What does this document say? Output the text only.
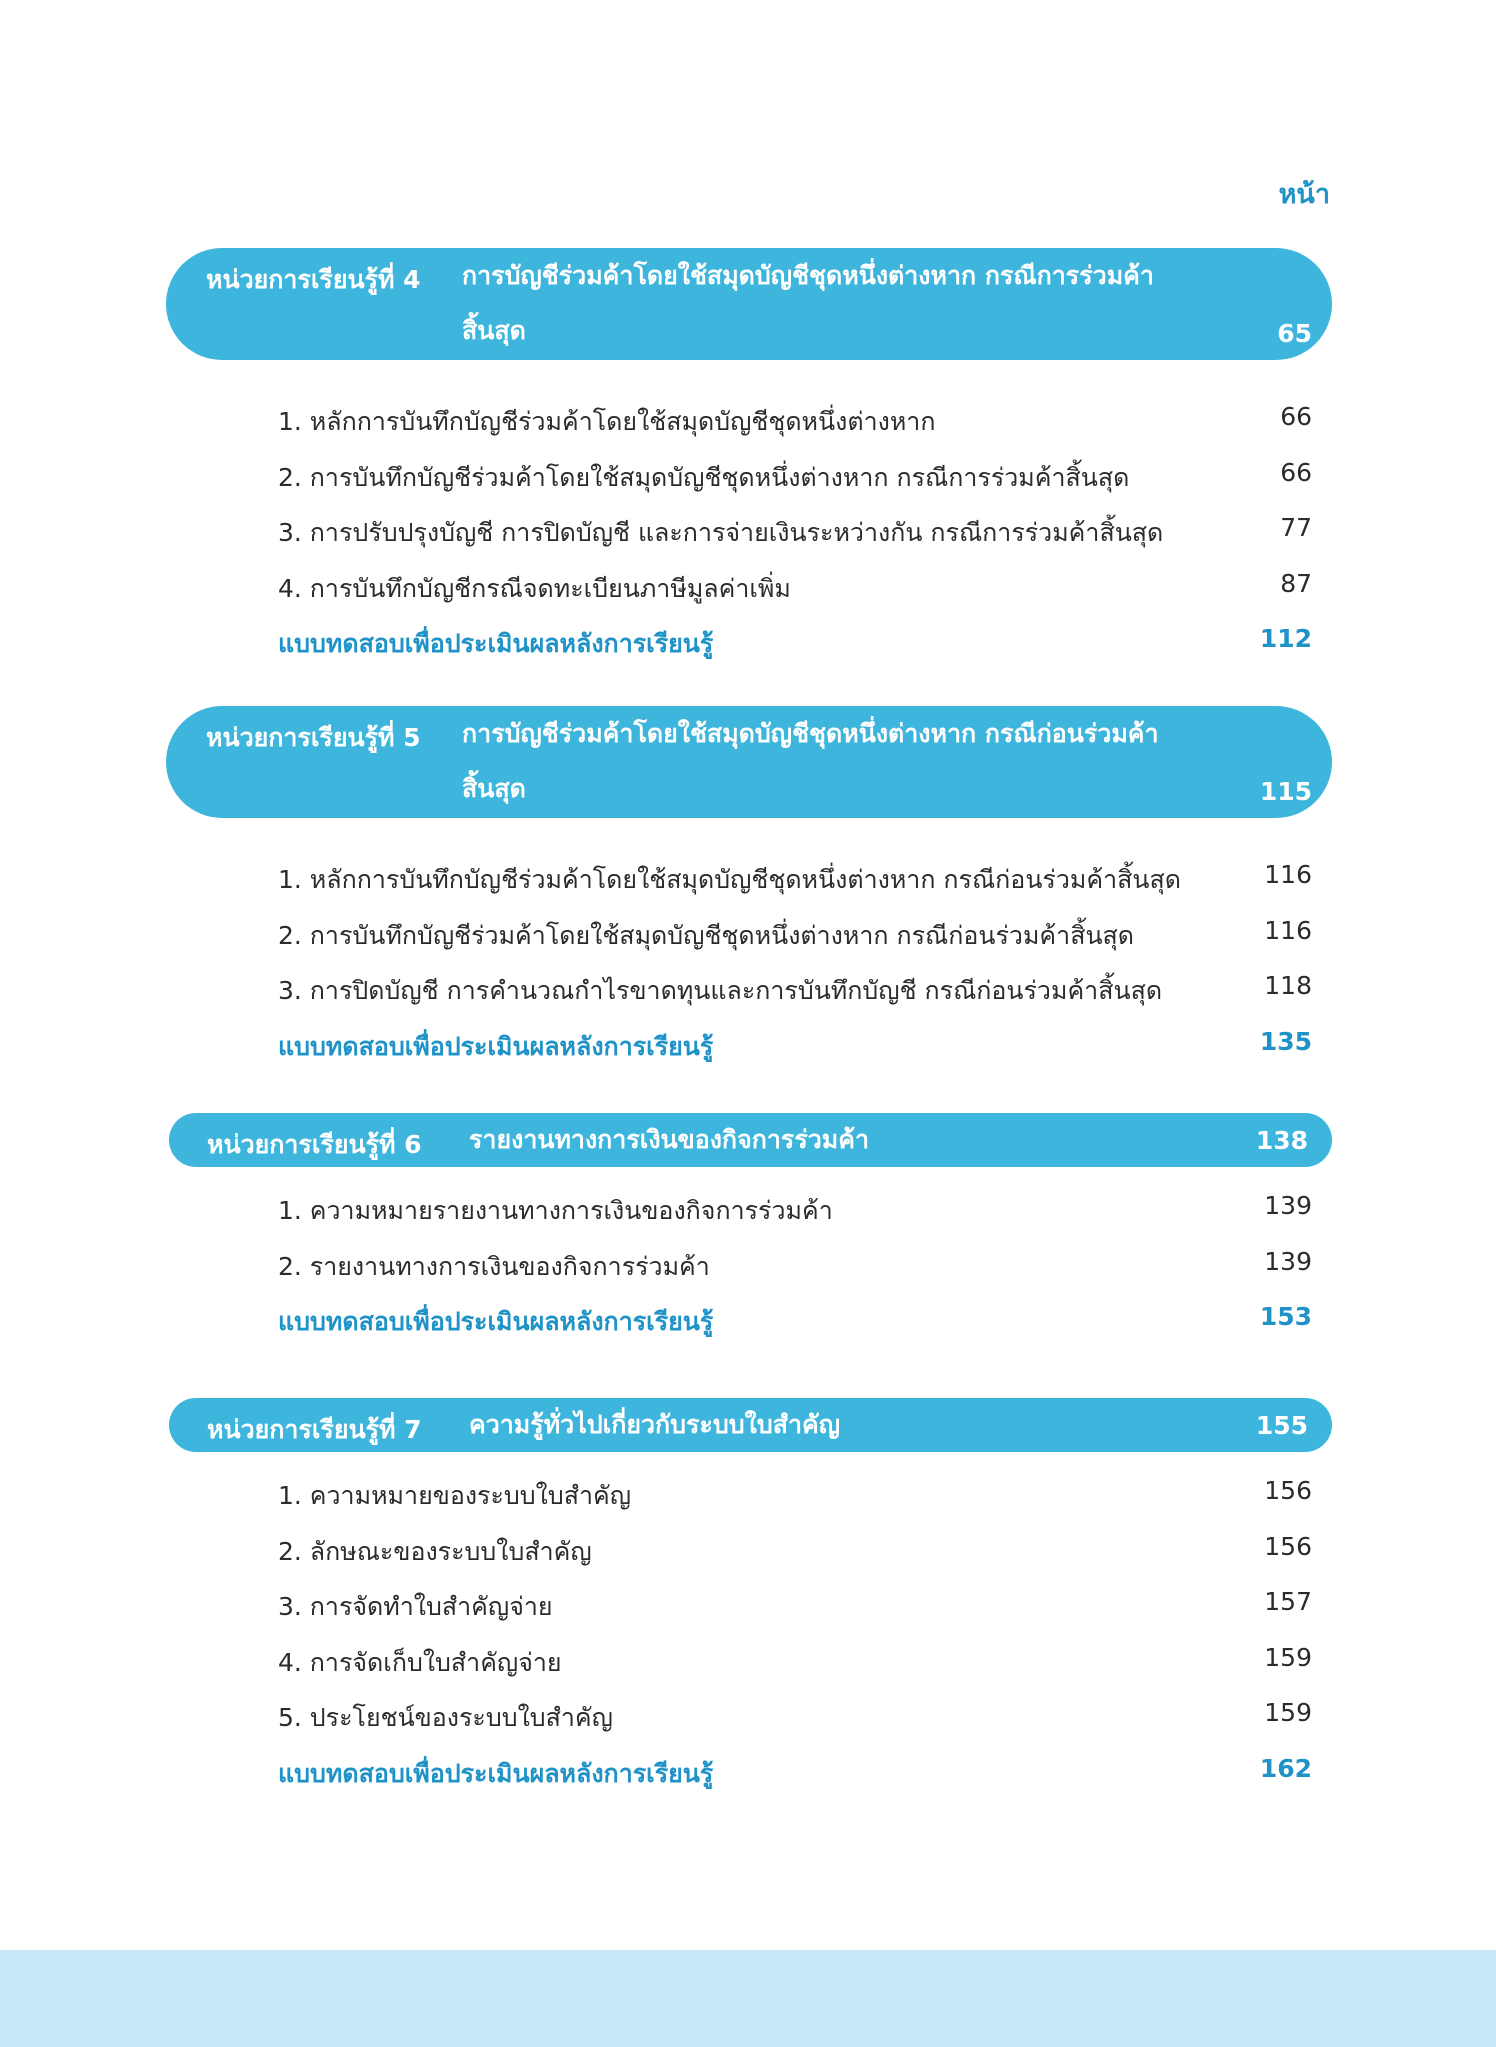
หน้า
หน่วยการเรียนรู้ที่ 4 การบัญชีร่วมค้าโดยใช้สมุดบัญชีชุดหนึ่งต่างหาก กรณีการร่วมค้า
สิ้นสุด	65
1. หลักการบันทึกบัญชีร่วมค้าโดยใช้สมุดบัญชีชุดหนึ่งต่างหาก	66
2. การบันทึกบัญชีร่วมค้าโดยใช้สมุดบัญชีชุดหนึ่งต่างหาก กรณีการร่วมค้าสิ้นสุด	66
3. การปรับปรุงบัญชี การปิดบัญชี และการจ่ายเงินระหว่างกัน กรณีการร่วมค้าสิ้นสุด	77
4. การบันทึกบัญชีกรณีจดทะเบียนภาษีมูลค่าเพิ่ม	87
แบบทดสอบเพื่อประเมินผลหลังการเรียนรู้	112
หน่วยการเรียนรู้ที่ 5 การบัญชีร่วมค้าโดยใช้สมุดบัญชีชุดหนึ่งต่างหาก กรณีก่อนร่วมค้า
สิ้นสุด	115
1. หลักการบันทึกบัญชีร่วมค้าโดยใช้สมุดบัญชีชุดหนึ่งต่างหาก กรณีก่อนร่วมค้าสิ้นสุด	116
2. การบันทึกบัญชีร่วมค้าโดยใช้สมุดบัญชีชุดหนึ่งต่างหาก กรณีก่อนร่วมค้าสิ้นสุด	116
3. การปิดบัญชี การคำนวณกำไรขาดทุนและการบันทึกบัญชี กรณีก่อนร่วมค้าสิ้นสุด	118
แบบทดสอบเพื่อประเมินผลหลังการเรียนรู้	135
หน่วยการเรียนรู้ที่ 6 รายงานทางการเงินของกิจการร่วมค้า	138
1. ความหมายรายงานทางการเงินของกิจการร่วมค้า	139
2. รายงานทางการเงินของกิจการร่วมค้า	139
แบบทดสอบเพื่อประเมินผลหลังการเรียนรู้	153
หน่วยการเรียนรู้ที่ 7 ความรู้ทั่วไปเกี่ยวกับระบบใบสำคัญ	155
1. ความหมายของระบบใบสำคัญ	156
2. ลักษณะของระบบใบสำคัญ	156
3. การจัดทำใบสำคัญจ่าย	157
4. การจัดเก็บใบสำคัญจ่าย	159
5. ประโยชน์ของระบบใบสำคัญ	159
แบบทดสอบเพื่อประเมินผลหลังการเรียนรู้	162
